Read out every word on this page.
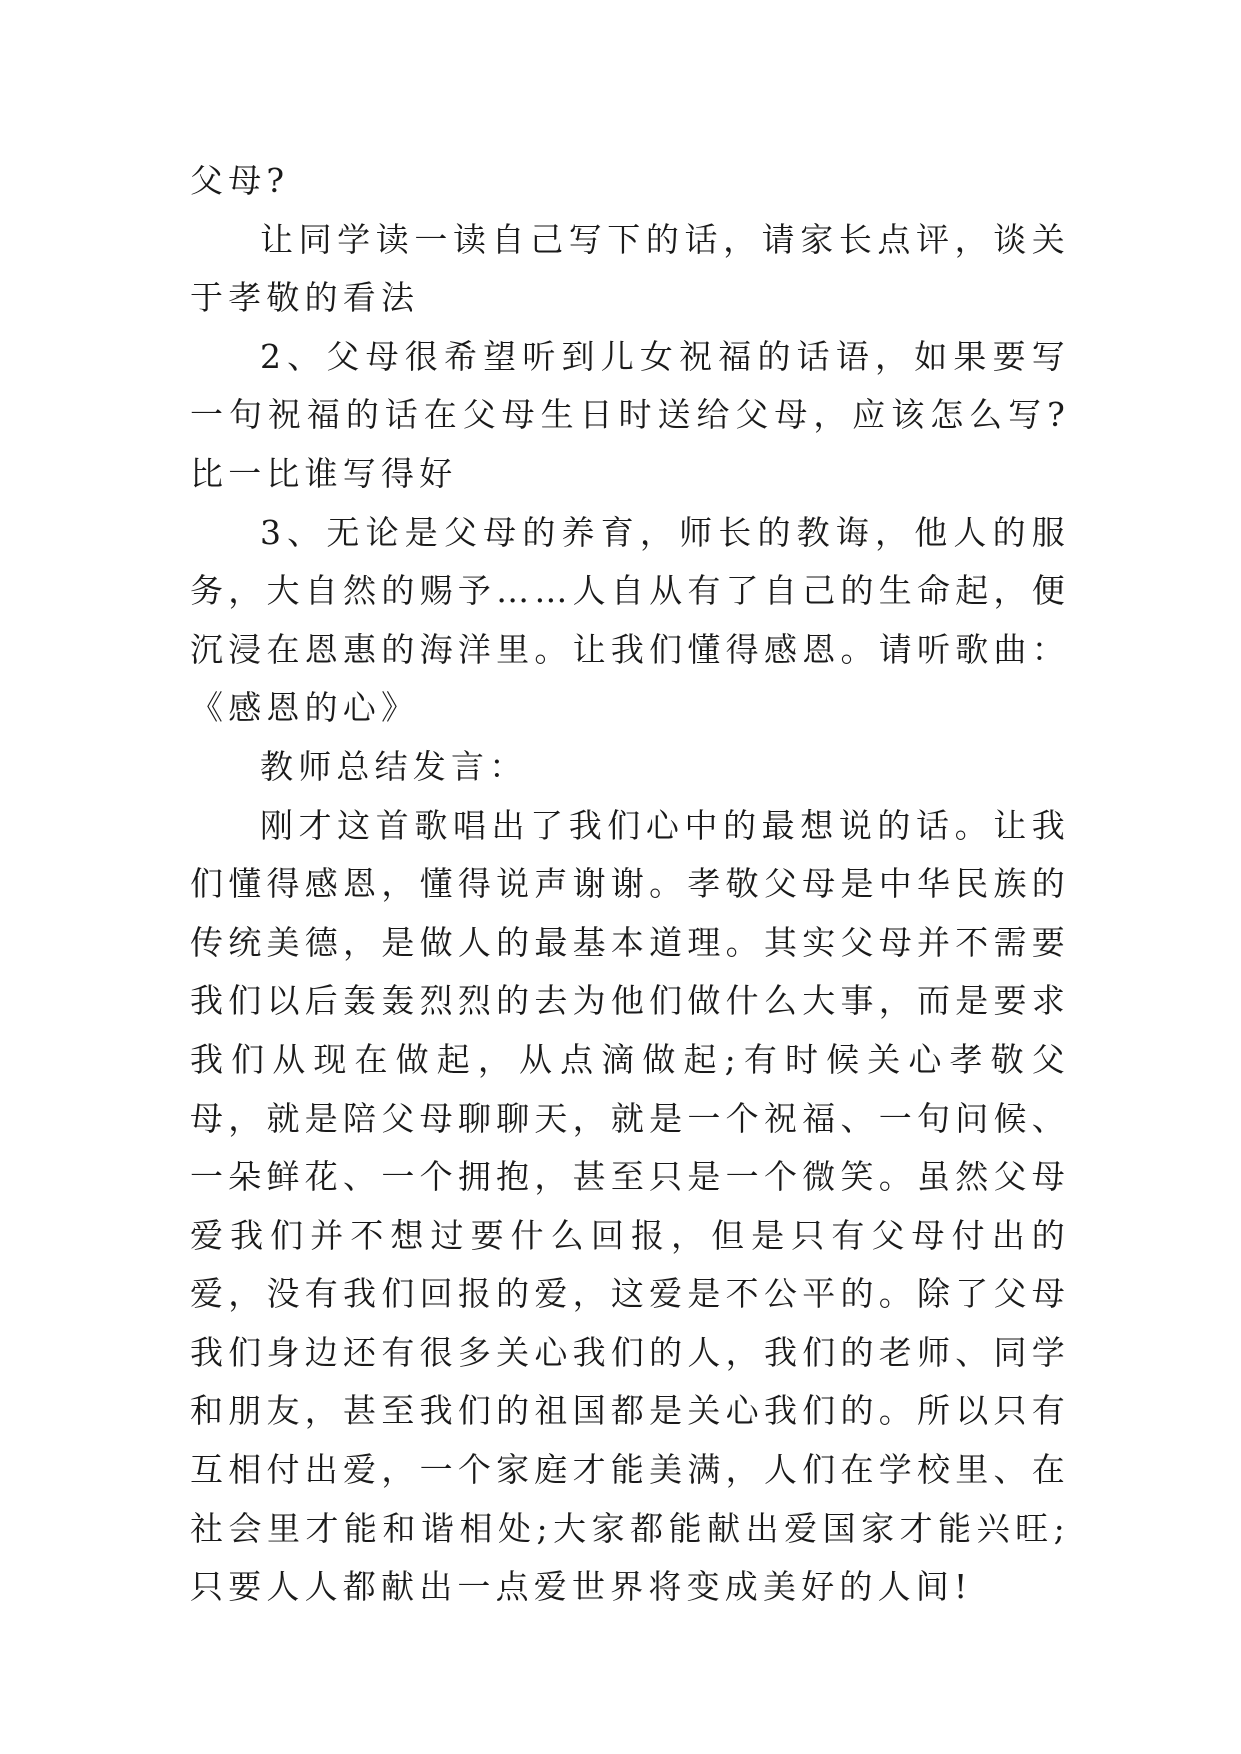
父母?

让同学读一读自己写下的话，请家长点评，谈关于孝敬的看法

2、父母很希望听到儿女祝福的话语，如果要写一句祝福的话在父母生日时送给父母，应该怎么写?比一比谁写得好

3、无论是父母的养育，师长的教诲，他人的服务，大自然的赐予……人自从有了自己的生命起，便沉浸在恩惠的海洋里。让我们懂得感恩。请听歌曲：《感恩的心》

教师总结发言：

刚才这首歌唱出了我们心中的最想说的话。让我们懂得感恩，懂得说声谢谢。孝敬父母是中华民族的传统美德，是做人的最基本道理。其实父母并不需要我们以后轰轰烈烈的去为他们做什么大事，而是要求我们从现在做起，从点滴做起;有时候关心孝敬父母，就是陪父母聊聊天，就是一个祝福、一句问候、一朵鲜花、一个拥抱，甚至只是一个微笑。虽然父母爱我们并不想过要什么回报，但是只有父母付出的爱，没有我们回报的爱，这爱是不公平的。除了父母我们身边还有很多关心我们的人，我们的老师、同学和朋友，甚至我们的祖国都是关心我们的。所以只有互相付出爱，一个家庭才能美满，人们在学校里、在社会里才能和谐相处;大家都能献出爱国家才能兴旺;只要人人都献出一点爱世界将变成美好的人间!
